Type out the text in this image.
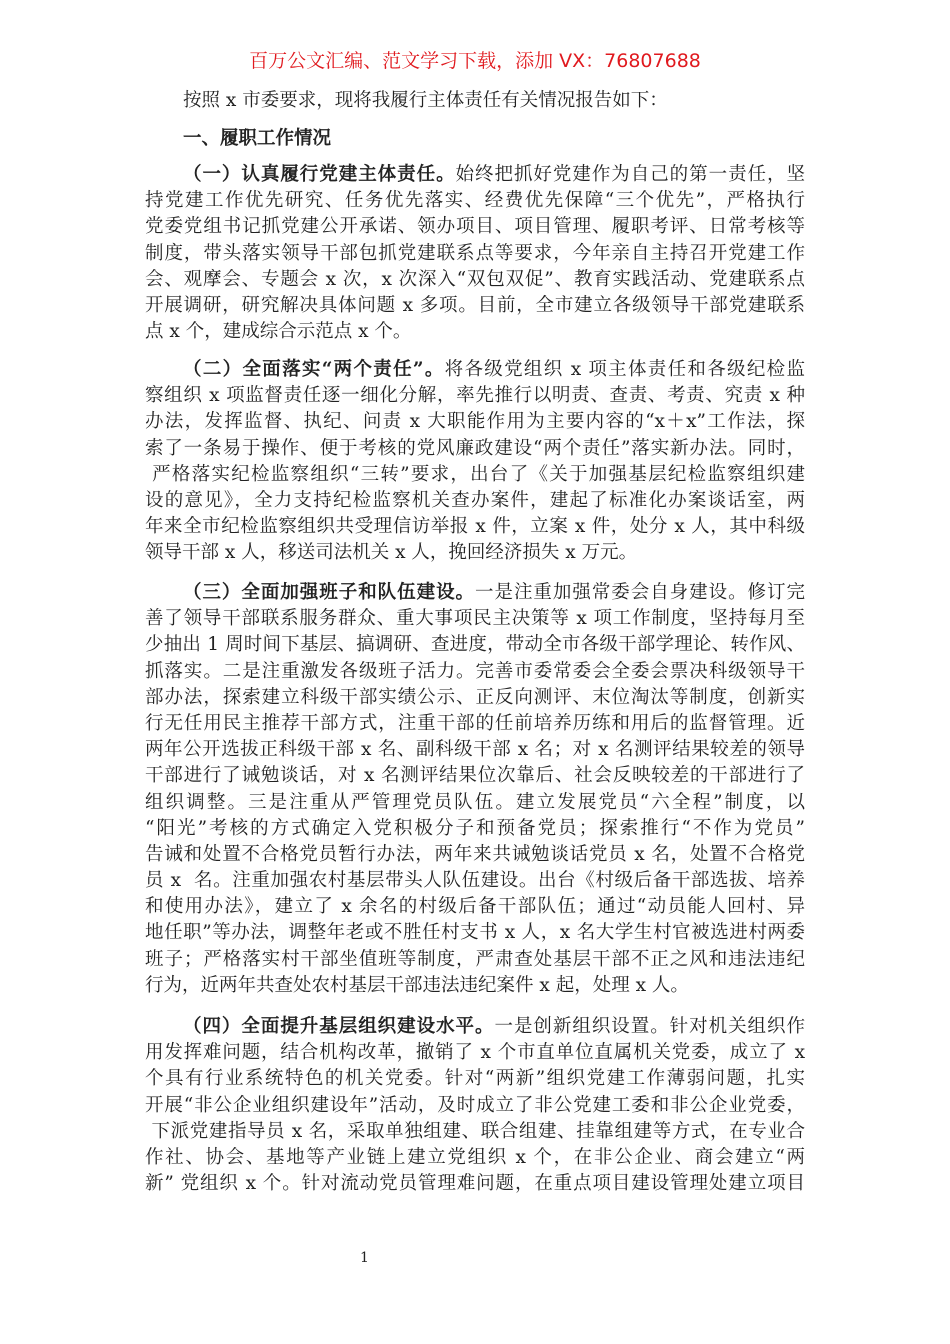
百万公文汇编、范文学习下载，添加 VX：76807688
按照 x 市委要求，现将我履行主体责任有关情况报告如下：
一、履职工作情况
（一）认真履行党建主体责任。始终把抓好党建作为自己的第一责任，坚
持党建工作优先研究、任务优先落实、经费优先保障“三个优先”，严格执行
党委党组书记抓党建公开承诺、领办项目、项目管理、履职考评、日常考核等
制度，带头落实领导干部包抓党建联系点等要求，今年亲自主持召开党建工作
会、观摩会、专题会 x 次，x 次深入“双包双促”、教育实践活动、党建联系点
开展调研，研究解决具体问题 x 多项。目前，全市建立各级领导干部党建联系
点 x 个，建成综合示范点 x 个。
（二）全面落实“两个责任”。将各级党组织 x 项主体责任和各级纪检监
察组织 x 项监督责任逐一细化分解，率先推行以明责、查责、考责、究责 x 种
办法，发挥监督、执纪、问责 x 大职能作用为主要内容的“x＋x”工作法，探
索了一条易于操作、便于考核的党风廉政建设“两个责任”落实新办法。同时，
严格落实纪检监察组织“三转”要求，出台了《关于加强基层纪检监察组织建
设的意见》，全力支持纪检监察机关查办案件，建起了标准化办案谈话室，两
年来全市纪检监察组织共受理信访举报 x 件，立案 x 件，处分 x 人，其中科级
领导干部 x 人，移送司法机关 x 人，挽回经济损失 x 万元。
（三）全面加强班子和队伍建设。一是注重加强常委会自身建设。修订完
善了领导干部联系服务群众、重大事项民主决策等 x 项工作制度，坚持每月至
少抽出 1 周时间下基层、搞调研、查进度，带动全市各级干部学理论、转作风、
抓落实。二是注重激发各级班子活力。完善市委常委会全委会票决科级领导干
部办法，探索建立科级干部实绩公示、正反向测评、末位淘汰等制度，创新实
行无任用民主推荐干部方式，注重干部的任前培养历练和用后的监督管理。近
两年公开选拔正科级干部 x 名、副科级干部 x 名；对 x 名测评结果较差的领导
干部进行了诫勉谈话，对 x 名测评结果位次靠后、社会反映较差的干部进行了
组织调整。三是注重从严管理党员队伍。建立发展党员“六全程”制度，以
“阳光”考核的方式确定入党积极分子和预备党员；探索推行“不作为党员”
告诫和处置不合格党员暂行办法，两年来共诫勉谈话党员 x 名，处置不合格党
员 x  名。注重加强农村基层带头人队伍建设。出台《村级后备干部选拔、培养
和使用办法》，建立了 x 余名的村级后备干部队伍；通过“动员能人回村、异
地任职”等办法，调整年老或不胜任村支书 x 人，x 名大学生村官被选进村两委
班子；严格落实村干部坐值班等制度，严肃查处基层干部不正之风和违法违纪
行为，近两年共查处农村基层干部违法违纪案件 x 起，处理 x 人。
（四）全面提升基层组织建设水平。一是创新组织设置。针对机关组织作
用发挥难问题，结合机构改革，撤销了 x 个市直单位直属机关党委，成立了 x
个具有行业系统特色的机关党委。针对“两新”组织党建工作薄弱问题，扎实
开展“非公企业组织建设年”活动，及时成立了非公党建工委和非公企业党委，
下派党建指导员 x 名，采取单独组建、联合组建、挂靠组建等方式，在专业合
作社、协会、基地等产业链上建立党组织 x 个，在非公企业、商会建立“两
新” 党组织 x 个。针对流动党员管理难问题，在重点项目建设管理处建立项目
1
